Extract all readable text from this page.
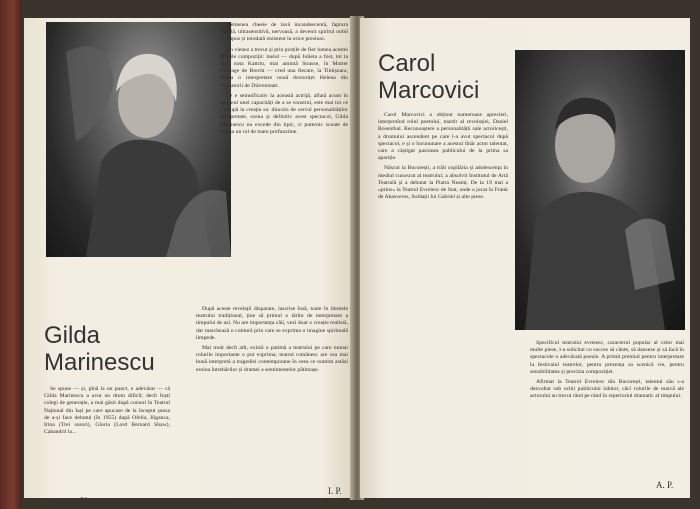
asemenea cheeie de lavă incandescentă, faptura fragilă, ultrasensitivă, nervoasă, a devenit spiritul nobil — supus și totodată rezistent la orice presiuni.

Un vienez a trecut și prin porțile de fier lumea acestei dificile compoziții: inelul — după Julieta a fost, tot la Iași, nota Kattrin, mai amintă Strasse, în Mutter Courage de Brecht — cred una fiecare, la Timișoara, dădea o interpretare nouă doctoriței Helena din Vizitatorii de Dürrenmatt.

Ce e semnificativ la această actriță, aflată acum în apogeul unei capacități de a se construi, este mai tot ce o ocupă la creația sa: dincolo de cercul personalităților interpretate, scena și definitiv acest spectacol, Gilda Marinescu nu excede din tipic, ci puternic scoate de drama un rol de mare profunzime.

Gilda
Marinescu

Se spune — și, pînă la un punct, e adevărat — că Gilda Marinescu a avut un drum dificil; decît foști colegi de generație, a mai găsit după cursuri în Teatrul Național din Iași pe care apucase de la început șansa de a-și face debutul (în 1955) după Ofelia, Iliganca, Irina (Trei surori), Gloria (Lord Bernard Shaw), Cabandrit la...

După aceste revelații disparate, lascrise însă, toate în limitele teatrului tradițional, ține să primul o tărîm de interpretare a timpului de azi. Nu are importanța căii, vezi doar o creație realistă, dar marchează o cotitură prin care se exprima o imagine spirituală limpede.

Mai mult decît atît, există o patimă a teatrului pe care numai rolurile importante o pot exprima; teatrul românesc are cea mai bună interpretă a tragediei contemporane în ceea ce numim astăzi eroina întrebărilor și dramei a sentimentelor pătimașe.

58
I. P.
Carol
Marcovici

Carol Marcovici a obținut numeroase aprecieri, interpretînd rolul poetului, martir al revoluției, Daniel Rosenthal. Recunoaștere a personalității sale actoricești, a drumului ascendent pe care l-a avut spectacol după spectacol, e și o încununare a acestui tînăr actor talentat, care a câștigat pasiunea publicului de la prima sa apariție.

Născut la București, a trăit copilăria și adolescența în mediul cunoscut al teatrului; a absolvit Institutul de Artă Teatrală și a debutat la Piatra Neamț. De la 19 mai a «prins» la Teatrul Evreiesc de Stat, unde a jucat în Frank de Ahasverus, Soldații lui Gabriel și alte piese.

Specificul teatrului evreiesc, caracterul popular al celor mai multe piese, l-a solicitat cu succes să cânte, să danseze și să facă în spectacole o adevărată poezie. A primit premiul pentru interpretare la festivalul teatrelor, pentru prezența sa scenică vie, pentru sensibilitatea și precizia compoziției.

Afirmat la Teatrul Evreiesc din București, talentul său s-a dezvoltat sub ochii publicului iubitor, căci rolurile de marcă ale actorului au trecut rând pe rând în repertoriul dramatic al timpului.

A. P.
